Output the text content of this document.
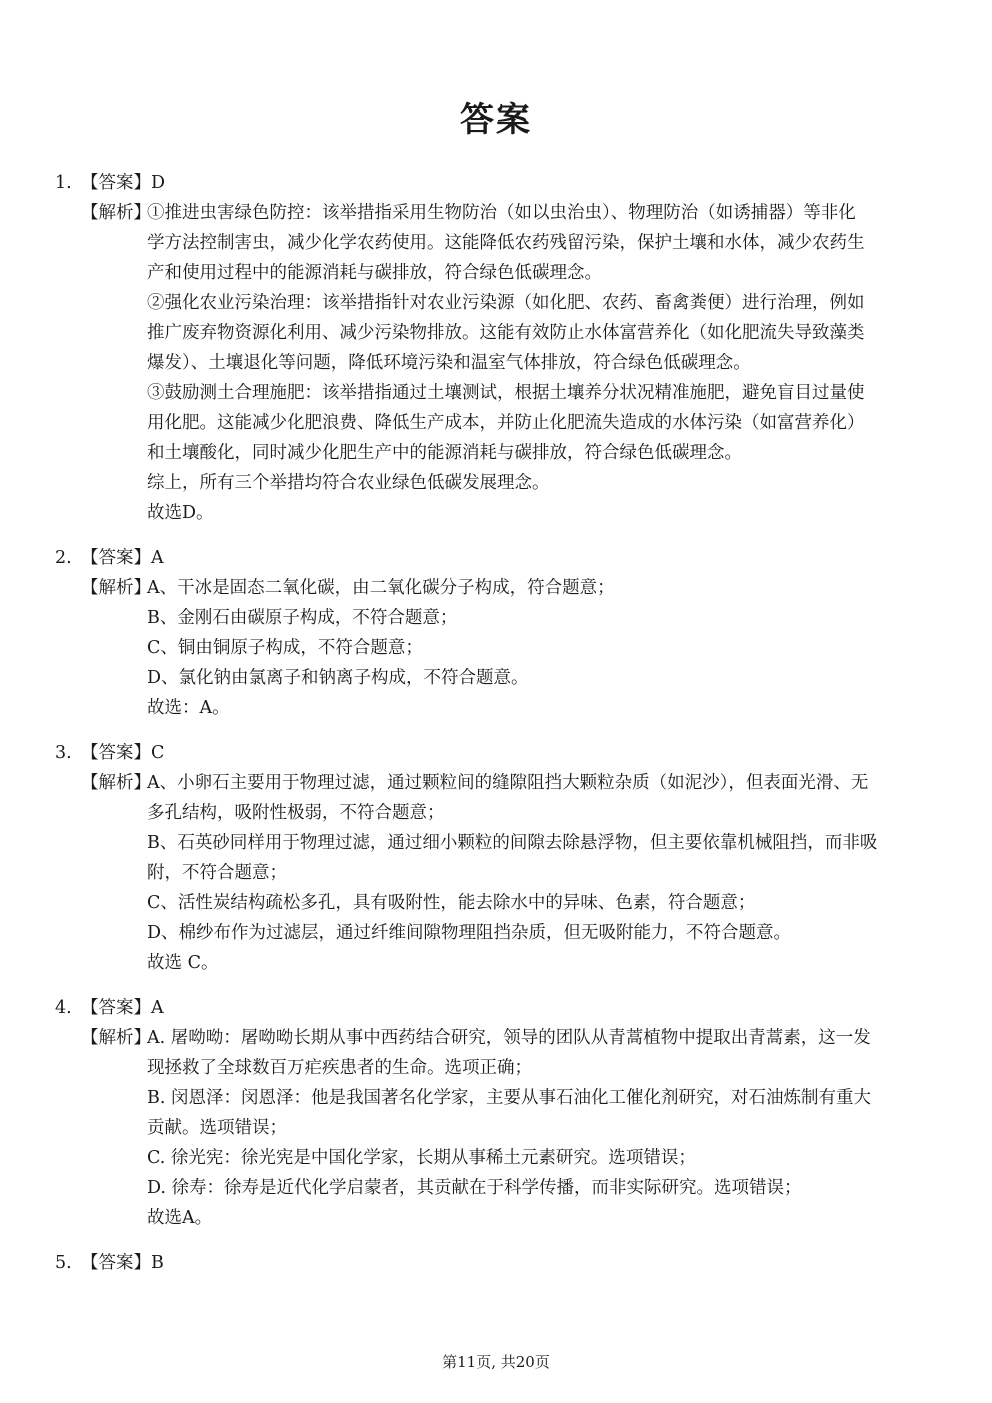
答案
1. 【答案】D
【解析】
①推进虫害绿色防控：该举措指采用生物防治（如以虫治虫）、物理防治（如诱捕器）等非化
学方法控制害虫，减少化学农药使用。这能降低农药残留污染，保护土壤和水体，减少农药生
产和使用过程中的能源消耗与碳排放，符合绿色低碳理念。
②强化农业污染治理：该举措指针对农业污染源（如化肥、农药、畜禽粪便）进行治理，例如
推广废弃物资源化利用、减少污染物排放。这能有效防止水体富营养化（如化肥流失导致藻类
爆发）、土壤退化等问题，降低环境污染和温室气体排放，符合绿色低碳理念。
③鼓励测土合理施肥：该举措指通过土壤测试，根据土壤养分状况精准施肥，避免盲目过量使
用化肥。这能减少化肥浪费、降低生产成本，并防止化肥流失造成的水体污染（如富营养化）
和土壤酸化，同时减少化肥生产中的能源消耗与碳排放，符合绿色低碳理念。
综上，所有三个举措均符合农业绿色低碳发展理念。
故选D。
2. 【答案】A
【解析】
A、干冰是固态二氧化碳，由二氧化碳分子构成，符合题意；
B、金刚石由碳原子构成，不符合题意；
C、铜由铜原子构成，不符合题意；
D、氯化钠由氯离子和钠离子构成，不符合题意。
故选：A。
3. 【答案】C
【解析】
A、小卵石主要用于物理过滤，通过颗粒间的缝隙阻挡大颗粒杂质（如泥沙），但表面光滑、无
多孔结构，吸附性极弱，不符合题意；
B、石英砂同样用于物理过滤，通过细小颗粒的间隙去除悬浮物，但主要依靠机械阻挡，而非吸
附，不符合题意；
C、活性炭结构疏松多孔，具有吸附性，能去除水中的异味、色素，符合题意；
D、棉纱布作为过滤层，通过纤维间隙物理阻挡杂质，但无吸附能力，不符合题意。
故选 C。
4. 【答案】A
【解析】
A. 屠呦呦：屠呦呦长期从事中西药结合研究，领导的团队从青蒿植物中提取出青蒿素，这一发
现拯救了全球数百万疟疾患者的生命。选项正确；
B. 闵恩泽：闵恩泽：他是我国著名化学家，主要从事石油化工催化剂研究，对石油炼制有重大
贡献。选项错误；
C. 徐光宪：徐光宪是中国化学家，长期从事稀土元素研究。选项错误；
D. 徐寿：徐寿是近代化学启蒙者，其贡献在于科学传播，而非实际研究。选项错误；
故选A。
5. 【答案】B
第11页, 共20页
